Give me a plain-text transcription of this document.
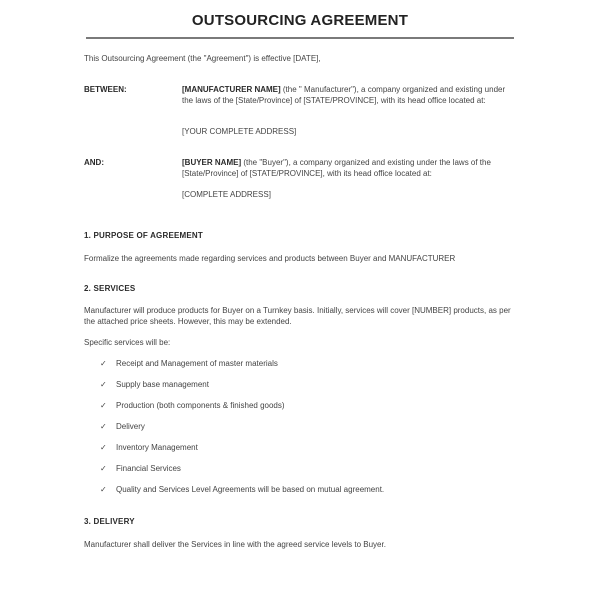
OUTSOURCING AGREEMENT
This Outsourcing Agreement (the "Agreement") is effective [DATE],
BETWEEN:	[MANUFACTURER NAME] (the " Manufacturer"), a company organized and existing under the laws of the [State/Province] of [STATE/PROVINCE], with its head office located at:
[YOUR COMPLETE ADDRESS]
AND:	[BUYER NAME] (the "Buyer"), a company organized and existing under the laws of the [State/Province] of [STATE/PROVINCE], with its head office located at:
[COMPLETE ADDRESS]
1. PURPOSE OF AGREEMENT
Formalize the agreements made regarding services and products between Buyer and MANUFACTURER
2. SERVICES
Manufacturer will produce products for Buyer on a Turnkey basis. Initially, services will cover [NUMBER] products, as per the attached price sheets. However, this may be extended.
Specific services will be:
✓ Receipt and Management of master materials
✓ Supply base management
✓ Production (both components & finished goods)
✓ Delivery
✓ Inventory Management
✓ Financial Services
✓ Quality and Services Level Agreements will be based on mutual agreement.
3. DELIVERY
Manufacturer shall deliver the Services in line with the agreed service levels to Buyer.
